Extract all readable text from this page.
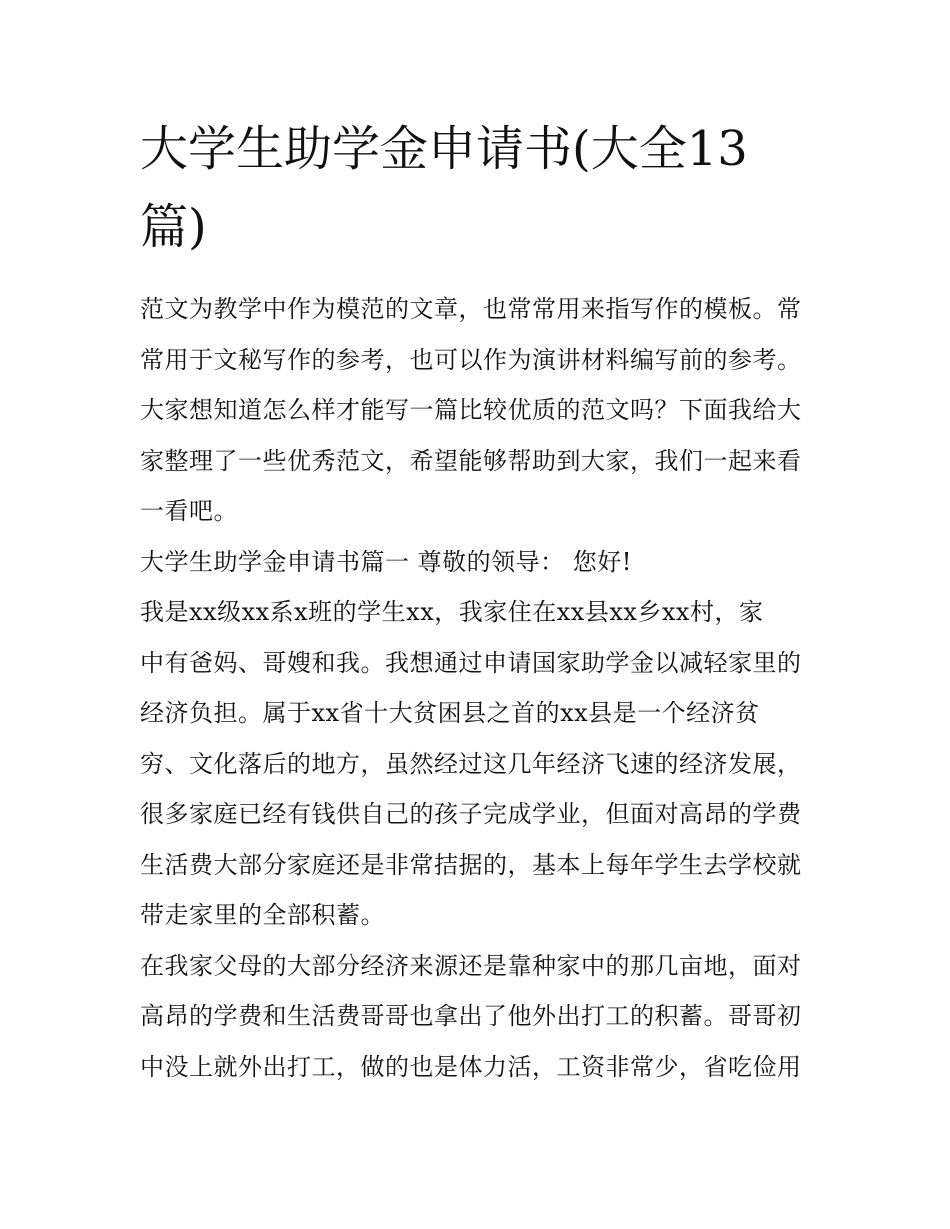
大学生助学金申请书(大全13
篇)
范文为教学中作为模范的文章，也常常用来指写作的模板。常
常用于文秘写作的参考，也可以作为演讲材料编写前的参考。
大家想知道怎么样才能写一篇比较优质的范文吗？下面我给大
家整理了一些优秀范文，希望能够帮助到大家，我们一起来看
一看吧。
大学生助学金申请书篇一 尊敬的领导： 您好!
我是xx级xx系x班的学生xx，我家住在xx县xx乡xx村，家
中有爸妈、哥嫂和我。我想通过申请国家助学金以减轻家里的
经济负担。属于xx省十大贫困县之首的xx县是一个经济贫
穷、文化落后的地方，虽然经过这几年经济飞速的经济发展，
很多家庭已经有钱供自己的孩子完成学业，但面对高昂的学费
生活费大部分家庭还是非常拮据的，基本上每年学生去学校就
带走家里的全部积蓄。
在我家父母的大部分经济来源还是靠种家中的那几亩地，面对
高昂的学费和生活费哥哥也拿出了他外出打工的积蓄。哥哥初
中没上就外出打工，做的也是体力活，工资非常少，省吃俭用
